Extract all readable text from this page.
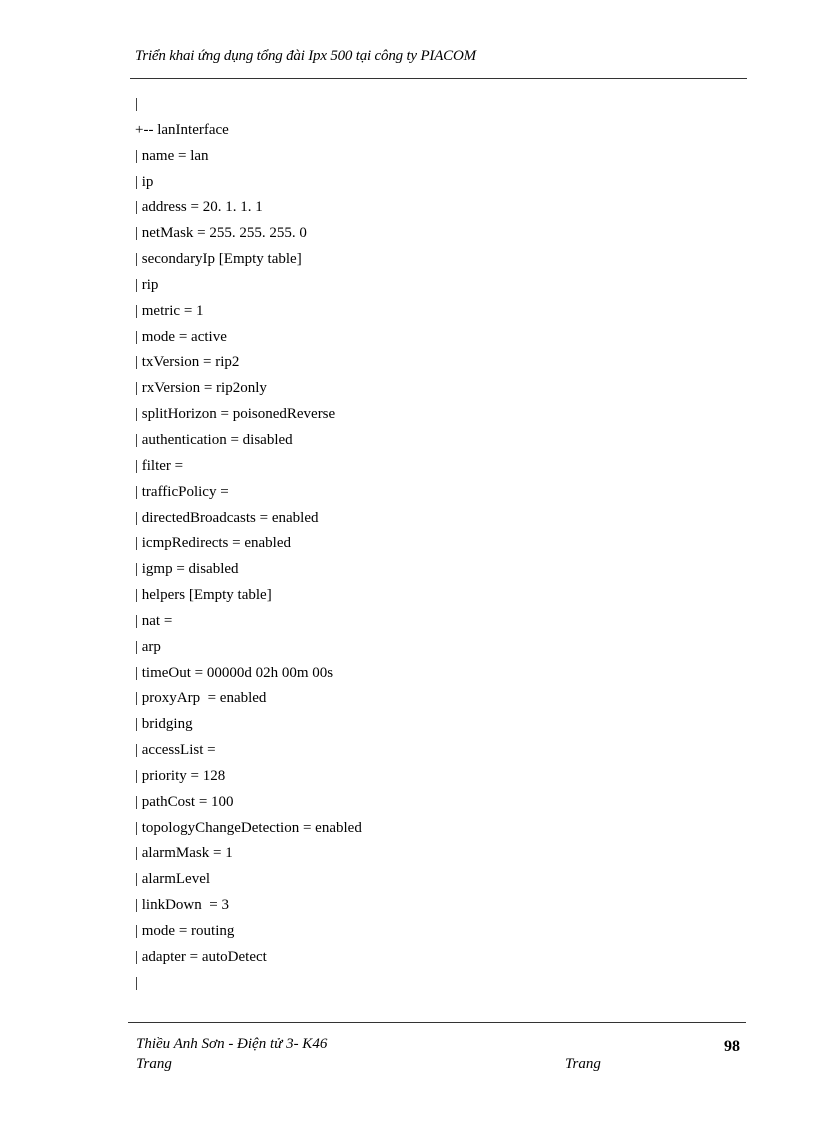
Triển khai ứng dụng tổng đài Ipx 500 tại công ty PIACOM
|
+-- lanInterface
| name = lan
| ip
| address = 20. 1. 1. 1
| netMask = 255. 255. 255. 0
| secondaryIp [Empty table]
| rip
| metric = 1
| mode = active
| txVersion = rip2
| rxVersion = rip2only
| splitHorizon = poisonedReverse
| authentication = disabled
| filter =
| trafficPolicy =
| directedBroadcasts = enabled
| icmpRedirects = enabled
| igmp = disabled
| helpers [Empty table]
| nat =
| arp
| timeOut = 00000d 02h 00m 00s
| proxyArp  = enabled
| bridging
| accessList =
| priority = 128
| pathCost = 100
| topologyChangeDetection = enabled
| alarmMask = 1
| alarmLevel
| linkDown  = 3
| mode = routing
| adapter = autoDetect
|
Thiều Anh Sơn - Điện tử 3- K46
Trang	Trang
98
